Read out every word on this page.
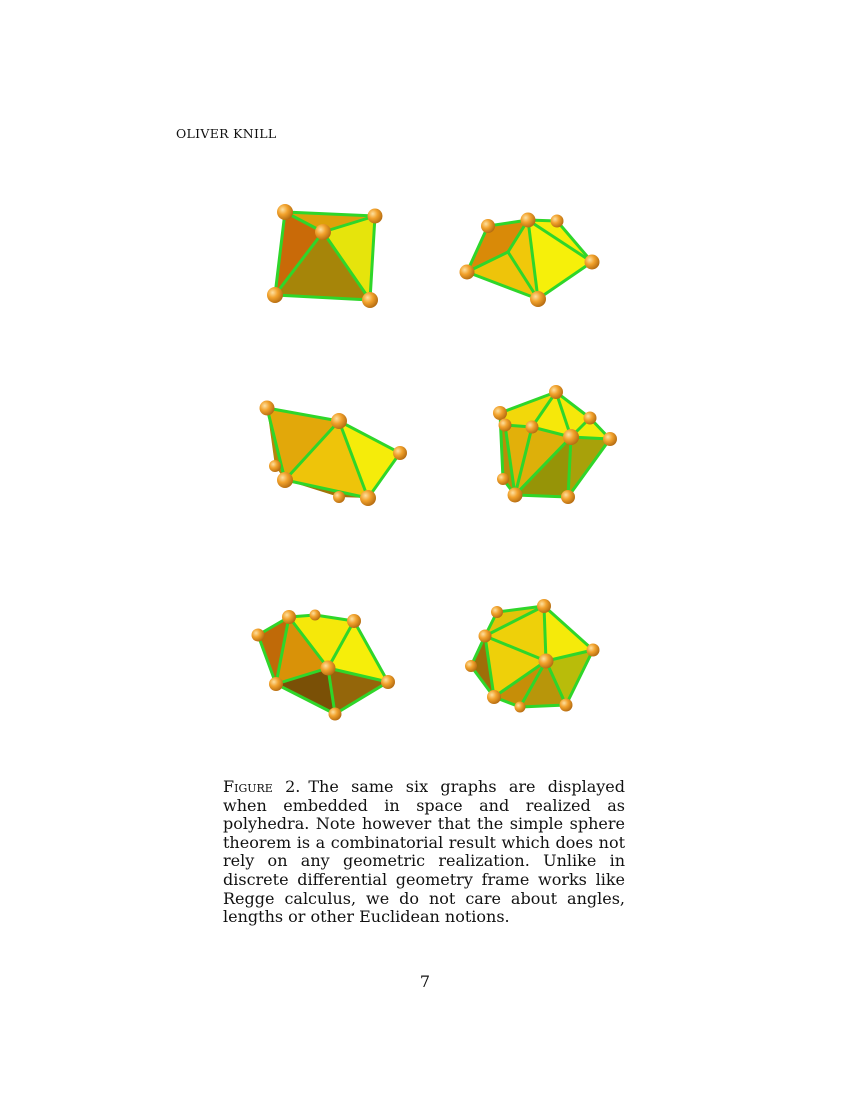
OLIVER KNILL
Figure 2. The same six graphs are displayed when embedded in space and realized as polyhedra. Note however that the simple sphere theorem is a combinatorial result which does not rely on any geometric realization. Unlike in discrete differential geometry frame works like Regge calculus, we do not care about angles, lengths or other Euclidean notions.
7
